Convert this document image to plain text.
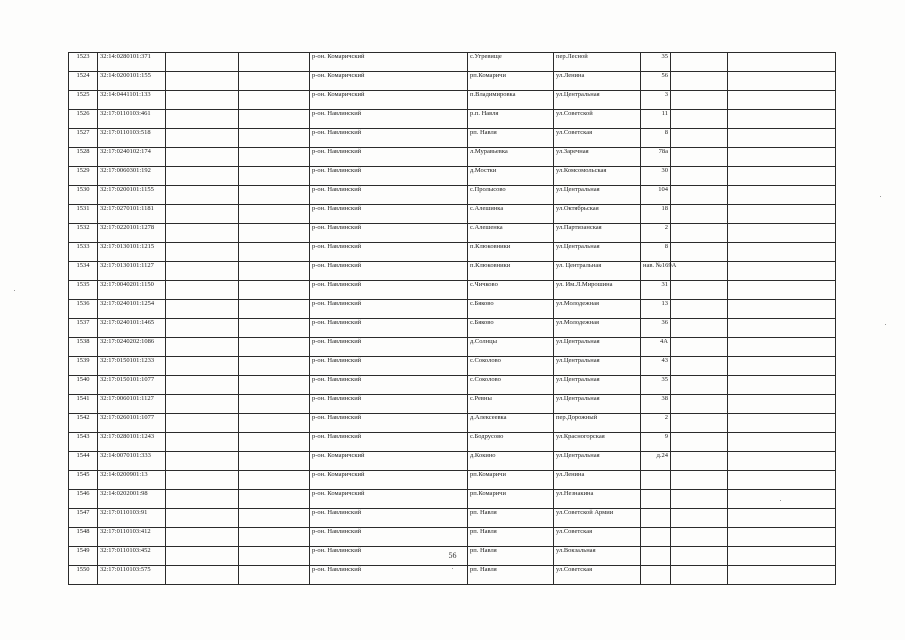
1523	32:14:0280101:371			р-он. Комаричский	с.Угревище	пер.Лесной	35		
1524	32:14:0200101:155			р-он. Комаричский	рп.Комаричи	ул.Ленина	56		
1525	32:14:0441101:133			р-он. Комаричский	п.Владимировка	ул.Центральная	3		
1526	32:17:0110103:461			р-он. Навлинский	р.п. Навля	ул.Советской	11		
1527	32:17:0110103:518			р-он. Навлинский	рп. Навля	ул.Советская	8		
1528	32:17:0240102:174			р-он. Навлинский	л.Муравьевка	ул.Заречная	78а		
1529	32:17:0060301:192			р-он. Навлинский	д.Мостки	ул.Комсомольская	30		
1530	32:17:0200101:1155			р-он. Навлинский	с.Пролысово	ул.Центральная	104		
1531	32:17:0270101:1181			р-он. Навлинский	с.Алешинка	ул.Октябрьская	18		
1532	32:17:0220101:1278			р-он. Навлинский	с.Алешенка	ул.Партизанская	2		
1533	32:17:0130101:1215			р-он. Навлинский	п.Клюковники	ул.Центральная	8		
1534	32:17:0130101:1127			р-он. Навлинский	п.Клюковники	ул. Центральная	нав. №169А		
1535	32:17:0040201:1150			р-он. Навлинский	с.Чичково	ул. Им.Л.Мирошина	31		
1536	32:17:0240101:1254			р-он. Навлинский	с.Бяково	ул.Молодежная	13		
1537	32:17:0240101:1465			р-он. Навлинский	с.Бяково	ул.Молодежная	36		
1538	32:17:0240202:1086			р-он. Навлинский	д.Солнцы	ул.Центральная	4А		
1539	32:17:0150101:1233			р-он. Навлинский	с.Соколово	ул.Центральная	43		
1540	32:17:0150101:1077			р-он. Навлинский	с.Соколово	ул.Центральная	35		
1541	32:17:0060101:1127			р-он. Навлинский	с.Ревны	ул.Центральная	38		
1542	32:17:0260101:1077			р-он. Навлинский	д.Алексеевка	пер.Дорожный	2		
1543	32:17:0280101:1243			р-он. Навлинский	с.Бодрусово	ул.Красногорская	9		
1544	32:14:0070101:333			р-он. Комаричский	д.Кокино	ул.Центральная	д.24		
1545	32:14:0200901:13			р-он. Комаричский	рп.Комаричи	ул.Ленина			
1546	32:14:0202001:98			р-он. Комаричский	рп.Комаричи	ул.Незнакина			
1547	32:17:0110103:91			р-он. Навлинский	рп. Навля	ул.Советской Армии			
1548	32:17:0110103:412			р-он. Навлинский	рп. Навля	ул.Советская			
1549	32:17:0110103:452			р-он. Навлинский	рп. Навля	ул.Вокзальная			
1550	32:17:0110103:575			р-он. Навлинский	рп. Навля	ул.Советская			
56
